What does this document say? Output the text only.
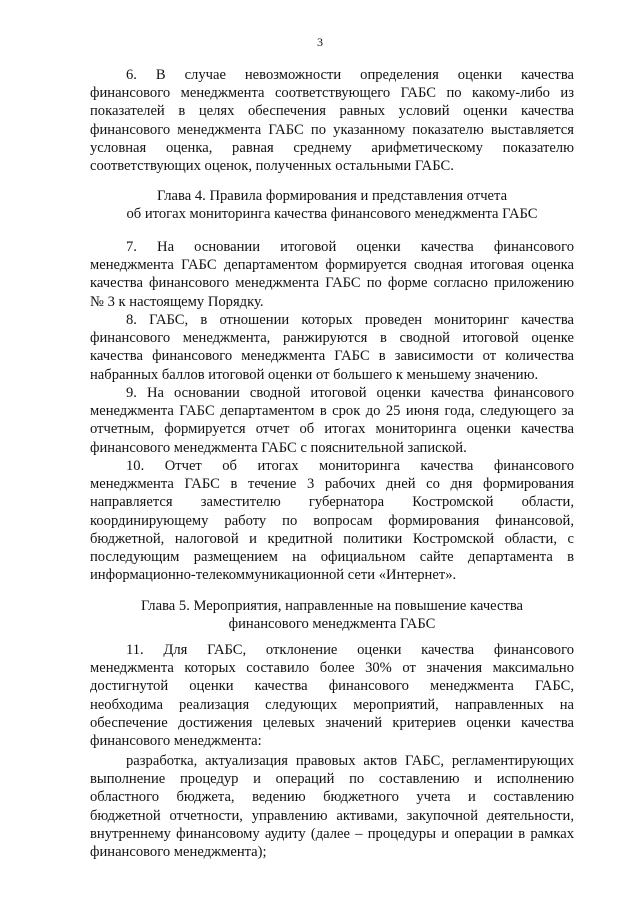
3
6. В случае невозможности определения оценки качества
финансового менеджмента соответствующего ГАБС по какому-либо из
показателей в целях обеспечения равных условий оценки качества
финансового менеджмента ГАБС по указанному показателю выставляется
условная оценка, равная среднему арифметическому показателю
соответствующих оценок, полученных остальными ГАБС.
Глава 4. Правила формирования и представления отчета
об итогах мониторинга качества финансового менеджмента ГАБС
7. На основании итоговой оценки качества финансового
менеджмента ГАБС департаментом формируется сводная итоговая оценка
качества финансового менеджмента ГАБС по форме согласно приложению
№ 3 к настоящему Порядку.
8. ГАБС, в отношении которых проведен мониторинг качества
финансового менеджмента, ранжируются в сводной итоговой оценке
качества финансового менеджмента ГАБС в зависимости от количества
набранных баллов итоговой оценки от большего к меньшему значению.
9. На основании сводной итоговой оценки качества финансового
менеджмента ГАБС департаментом в срок до 25 июня года, следующего за
отчетным, формируется отчет об итогах мониторинга оценки качества
финансового менеджмента ГАБС с пояснительной запиской.
10. Отчет об итогах мониторинга качества финансового
менеджмента ГАБС в течение 3 рабочих дней со дня формирования
направляется заместителю губернатора Костромской области,
координирующему работу по вопросам формирования финансовой,
бюджетной, налоговой и кредитной политики Костромской области, с
последующим размещением на официальном сайте департамента в
информационно-телекоммуникационной сети «Интернет».
Глава 5. Мероприятия, направленные на повышение качества
финансового менеджмента ГАБС
11. Для ГАБС, отклонение оценки качества финансового
менеджмента которых составило более 30% от значения максимально
достигнутой оценки качества финансового менеджмента ГАБС,
необходима реализация следующих мероприятий, направленных на
обеспечение достижения целевых значений критериев оценки качества
финансового менеджмента:
разработка, актуализация правовых актов ГАБС, регламентирующих
выполнение процедур и операций по составлению и исполнению
областного бюджета, ведению бюджетного учета и составлению
бюджетной отчетности, управлению активами, закупочной деятельности,
внутреннему финансовому аудиту (далее – процедуры и операции в рамках
финансового менеджмента);
